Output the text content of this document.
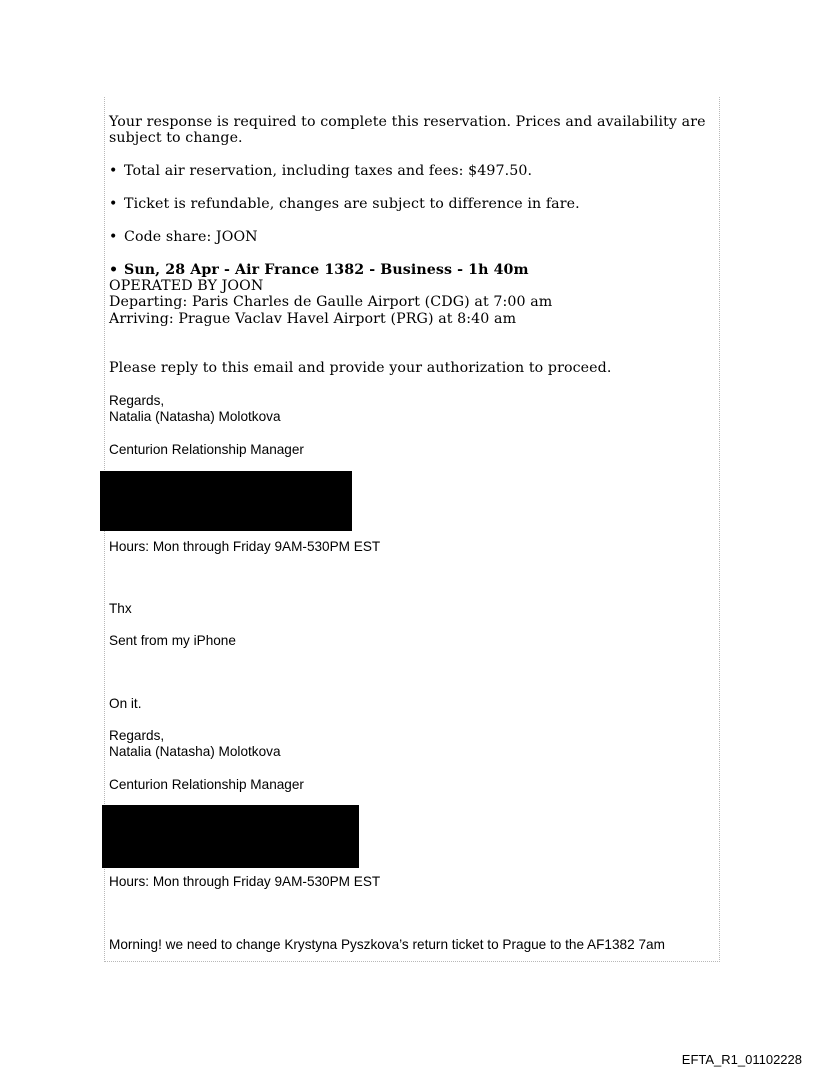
Your response is required to complete this reservation. Prices and availability are
subject to change.
• Total air reservation, including taxes and fees: $497.50.
• Ticket is refundable, changes are subject to difference in fare.
• Code share: JOON
• Sun, 28 Apr - Air France 1382 - Business - 1h 40m
OPERATED BY JOON
Departing: Paris Charles de Gaulle Airport (CDG) at 7:00 am
Arriving: Prague Vaclav Havel Airport (PRG) at 8:40 am
Please reply to this email and provide your authorization to proceed.
Regards,
Natalia (Natasha) Molotkova
Centurion Relationship Manager
Hours: Mon through Friday 9AM-530PM EST
Thx
Sent from my iPhone
On it.
Regards,
Natalia (Natasha) Molotkova
Centurion Relationship Manager
Hours: Mon through Friday 9AM-530PM EST
Morning! we need to change Krystyna Pyszkova’s return ticket to Prague to the AF1382 7am
EFTA_R1_01102228
